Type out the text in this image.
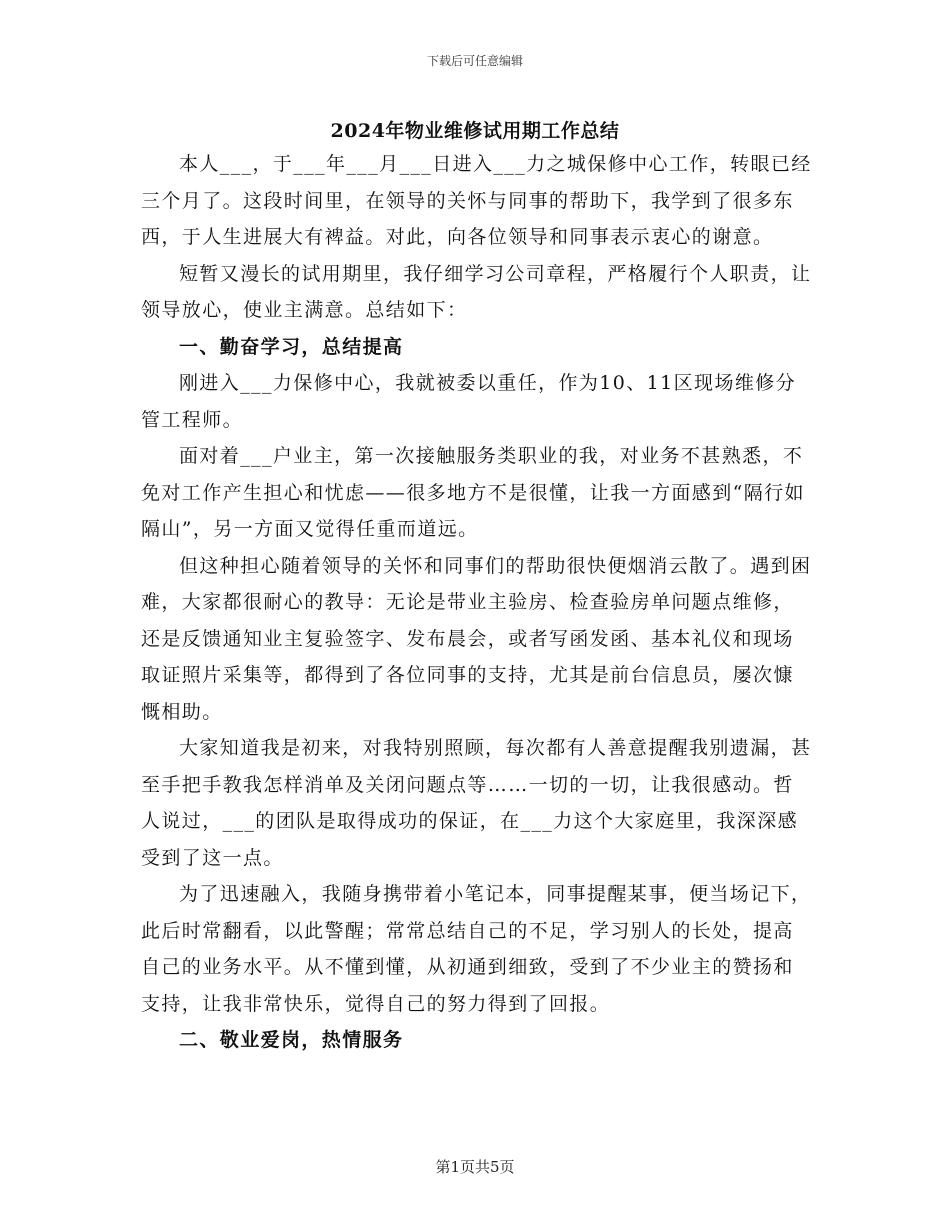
下载后可任意编辑
2024年物业维修试用期工作总结

本人___，于___年___月___日进入___力之城保修中心工作，转眼已经三个月了。这段时间里，在领导的关怀与同事的帮助下，我学到了很多东西，于人生进展大有裨益。对此，向各位领导和同事表示衷心的谢意。

短暂又漫长的试用期里，我仔细学习公司章程，严格履行个人职责，让领导放心，使业主满意。总结如下：

一、勤奋学习，总结提高

刚进入___力保修中心，我就被委以重任，作为10、11区现场维修分管工程师。

面对着___户业主，第一次接触服务类职业的我，对业务不甚熟悉，不免对工作产生担心和忧虑——很多地方不是很懂，让我一方面感到“隔行如隔山”，另一方面又觉得任重而道远。

但这种担心随着领导的关怀和同事们的帮助很快便烟消云散了。遇到困难，大家都很耐心的教导：无论是带业主验房、检查验房单问题点维修，还是反馈通知业主复验签字、发布晨会，或者写函发函、基本礼仪和现场取证照片采集等，都得到了各位同事的支持，尤其是前台信息员，屡次慷慨相助。

大家知道我是初来，对我特别照顾，每次都有人善意提醒我别遗漏，甚至手把手教我怎样消单及关闭问题点等……一切的一切，让我很感动。哲人说过，___的团队是取得成功的保证，在___力这个大家庭里，我深深感受到了这一点。

为了迅速融入，我随身携带着小笔记本，同事提醒某事，便当场记下，此后时常翻看，以此警醒；常常总结自己的不足，学习别人的长处，提高自己的业务水平。从不懂到懂，从初通到细致，受到了不少业主的赞扬和支持，让我非常快乐，觉得自己的努力得到了回报。

二、敬业爱岗，热情服务

第1页共5页
